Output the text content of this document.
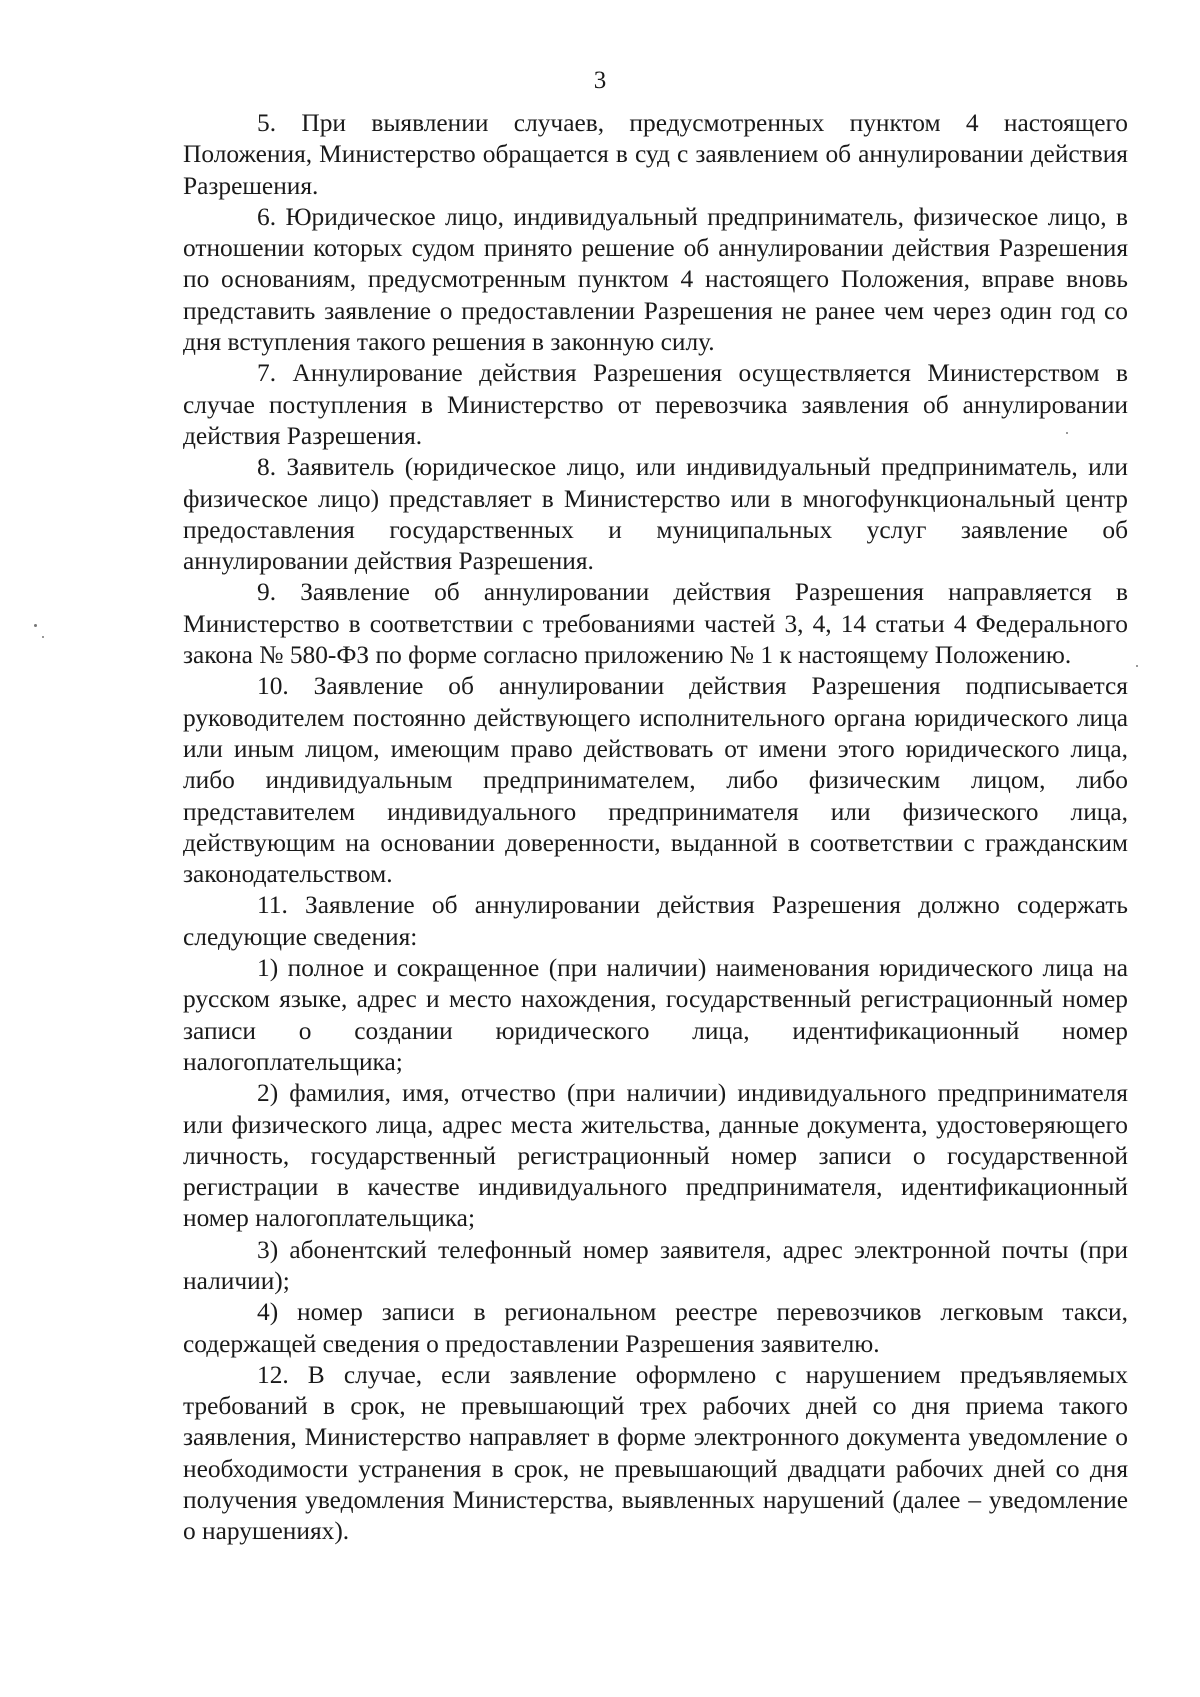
3

5. При выявлении случаев, предусмотренных пунктом 4 настоящего Положения, Министерство обращается в суд с заявлением об аннулировании действия Разрешения.

6. Юридическое лицо, индивидуальный предприниматель, физическое лицо, в отношении которых судом принято решение об аннулировании действия Разрешения по основаниям, предусмотренным пунктом 4 настоящего Положения, вправе вновь представить заявление о предоставлении Разрешения не ранее чем через один год со дня вступления такого решения в законную силу.

7. Аннулирование действия Разрешения осуществляется Министерством в случае поступления в Министерство от перевозчика заявления об аннулировании действия Разрешения.

8. Заявитель (юридическое лицо, или индивидуальный предприниматель, или физическое лицо) представляет в Министерство или в многофункциональный центр предоставления государственных и муниципальных услуг заявление об аннулировании действия Разрешения.

9. Заявление об аннулировании действия Разрешения направляется в Министерство в соответствии с требованиями частей 3, 4, 14 статьи 4 Федерального закона № 580-ФЗ по форме согласно приложению № 1 к настоящему Положению.

10. Заявление об аннулировании действия Разрешения подписывается руководителем постоянно действующего исполнительного органа юридического лица или иным лицом, имеющим право действовать от имени этого юридического лица, либо индивидуальным предпринимателем, либо физическим лицом, либо представителем индивидуального предпринимателя или физического лица, действующим на основании доверенности, выданной в соответствии с гражданским законодательством.

11. Заявление об аннулировании действия Разрешения должно содержать следующие сведения:

1) полное и сокращенное (при наличии) наименования юридического лица на русском языке, адрес и место нахождения, государственный регистрационный номер записи о создании юридического лица, идентификационный номер налогоплательщика;

2) фамилия, имя, отчество (при наличии) индивидуального предпринимателя или физического лица, адрес места жительства, данные документа, удостоверяющего личность, государственный регистрационный номер записи о государственной регистрации в качестве индивидуального предпринимателя, идентификационный номер налогоплательщика;

3) абонентский телефонный номер заявителя, адрес электронной почты (при наличии);

4) номер записи в региональном реестре перевозчиков легковым такси, содержащей сведения о предоставлении Разрешения заявителю.

12. В случае, если заявление оформлено с нарушением предъявляемых требований в срок, не превышающий трех рабочих дней со дня приема такого заявления, Министерство направляет в форме электронного документа уведомление о необходимости устранения в срок, не превышающий двадцати рабочих дней со дня получения уведомления Министерства, выявленных нарушений (далее – уведомление о нарушениях).
